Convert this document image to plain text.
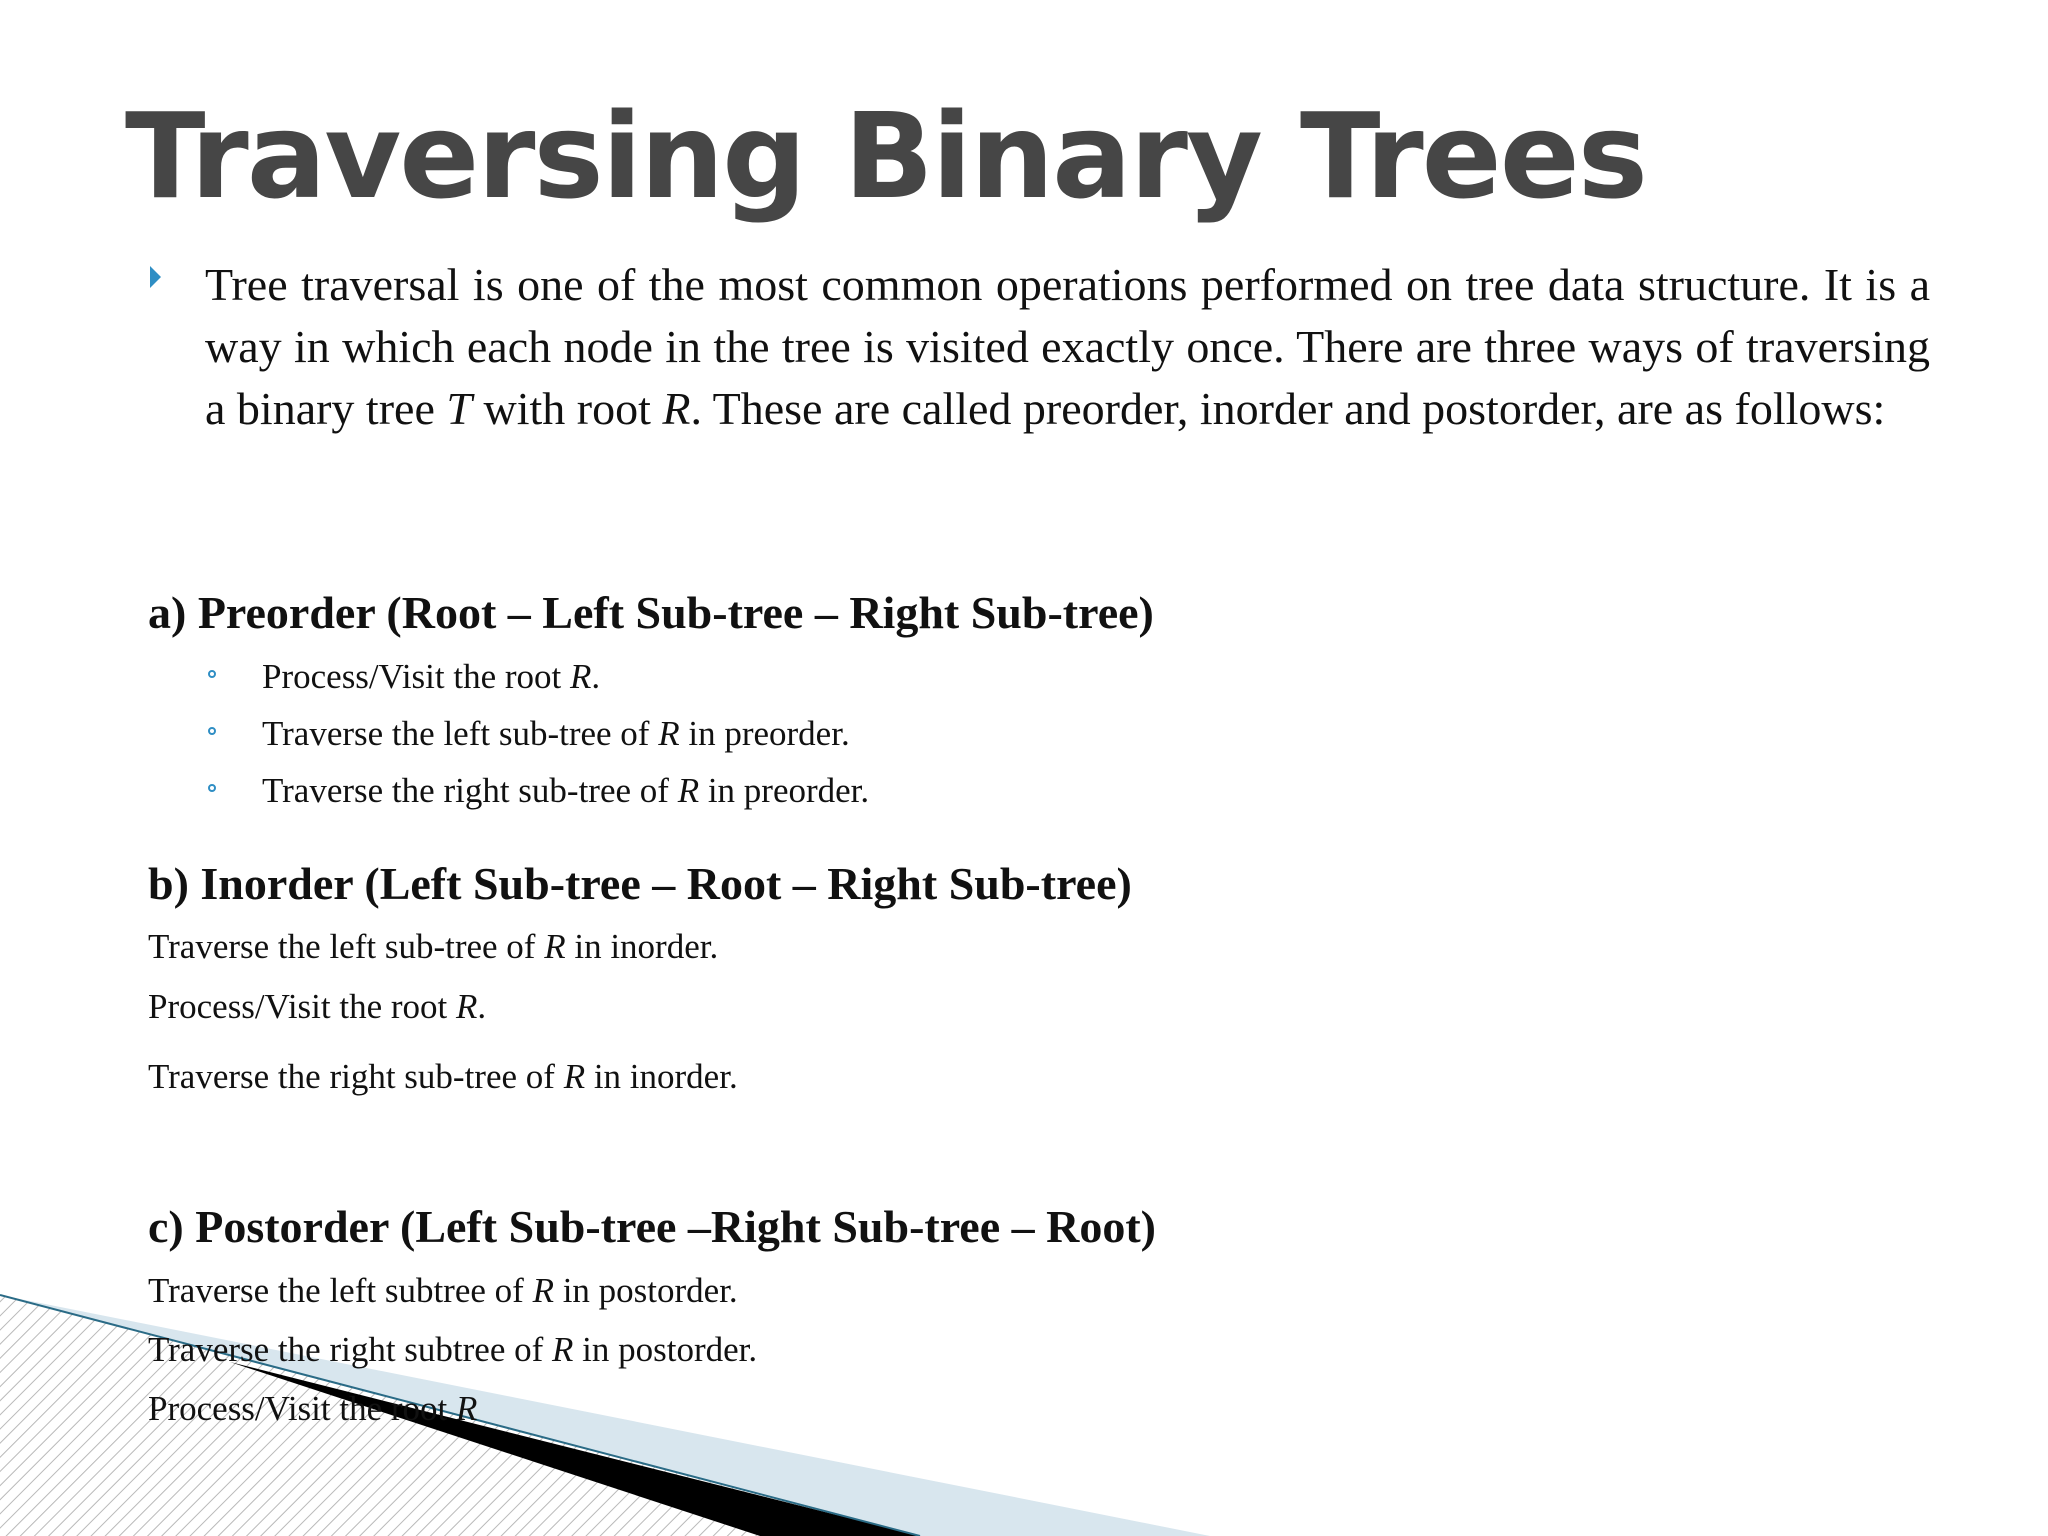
Traversing Binary Trees

Tree traversal is one of the most common operations performed on tree data structure. It is a way in which each node in the tree is visited exactly once. There are three ways of traversing a binary tree T with root R. These are called preorder, inorder and postorder, are as follows:

a) Preorder (Root – Left Sub-tree – Right Sub-tree)
Process/Visit the root R.
Traverse the left sub-tree of R in preorder.
Traverse the right sub-tree of R in preorder.
b) Inorder (Left Sub-tree – Root – Right Sub-tree)

Traverse the left sub-tree of R in inorder.

Process/Visit the root R.

Traverse the right sub-tree of R in inorder.

c) Postorder (Left Sub-tree –Right Sub-tree – Root)

Traverse the left subtree of R in postorder.

Traverse the right subtree of R in postorder.

Process/Visit the root R
